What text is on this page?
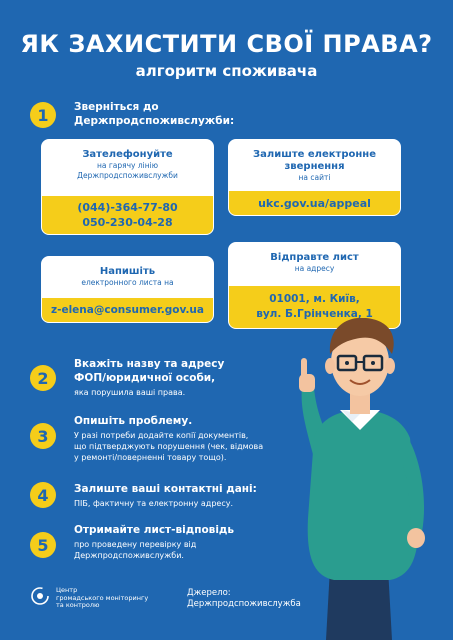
ЯК ЗАХИСТИТИ СВОЇ ПРАВА?
алгоритм споживача
1	Зверніться до
Держпродспоживслужби:
Зателефонуйте
на гарячу лінію
Держпродспоживслужби
(044)-364-77-80
050-230-04-28
Залиште електронне
звернення
на сайті
ukc.gov.ua/appeal
Напишіть
електронного листа на
z-elena@consumer.gov.ua
Відправте лист
на адресу
01001, м. Київ,
вул. Б.Грінченка, 1
2
Вкажіть назву та адресу
ФОП/юридичної особи,
яка порушила ваші права.
3
Опишіть проблему.
У разі потреби додайте копії документів,
що підтверджують порушення (чек, відмова
у ремонті/поверненні товару тощо).
4	Залиште ваші контактні дані:
ПІБ, фактичну та електронну адресу.
5
Отримайте лист-відповідь
про проведену перевірку від
Держпродспоживслужби.
Центр
громадського моніторингу
та контролю
Джерело:
Держпродспоживслужба
